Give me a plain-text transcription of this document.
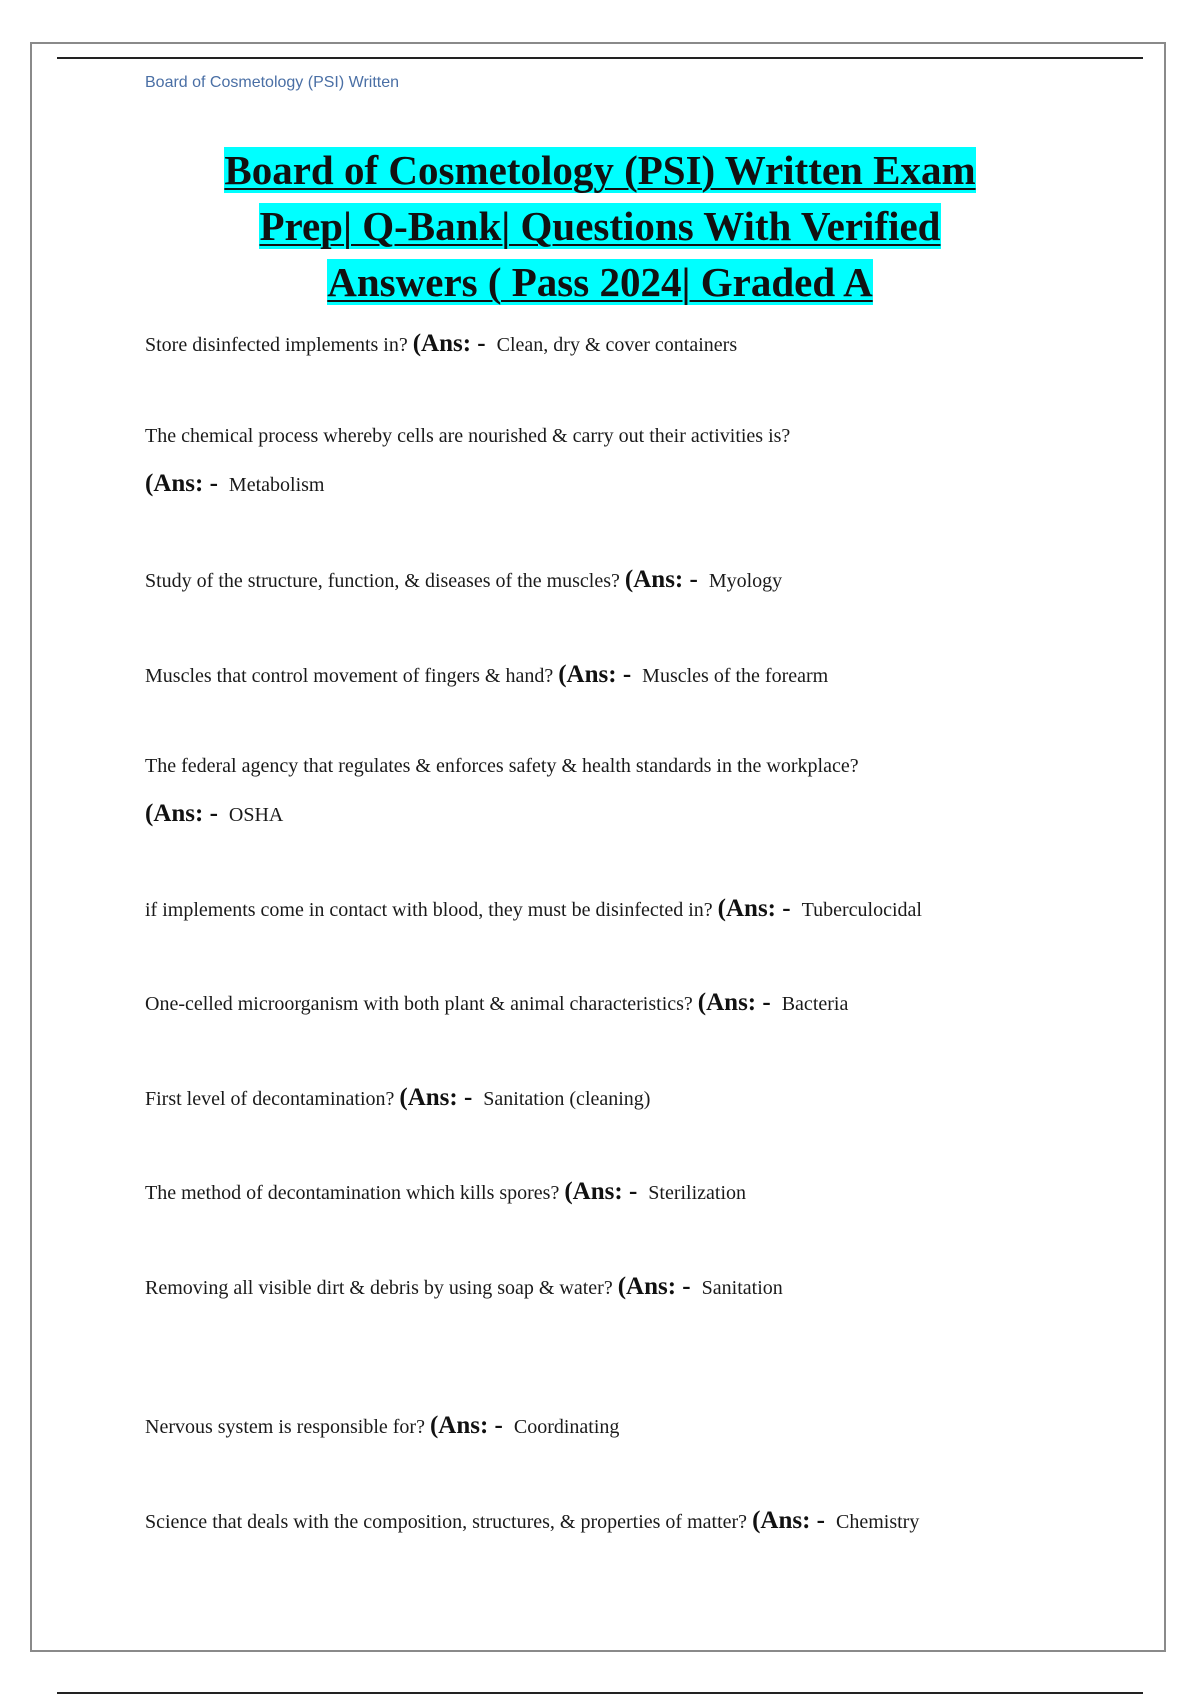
Board of Cosmetology (PSI) Written
Board of Cosmetology (PSI) Written Exam
Prep| Q-Bank| Questions With Verified
Answers ( Pass 2024| Graded A
Store disinfected implements in? (Ans: - Clean, dry & cover containers
The chemical process whereby cells are nourished & carry out their activities is?
(Ans: - Metabolism
Study of the structure, function, & diseases of the muscles? (Ans: - Myology
Muscles that control movement of fingers & hand? (Ans: - Muscles of the forearm
The federal agency that regulates & enforces safety & health standards in the workplace?
(Ans: - OSHA
if implements come in contact with blood, they must be disinfected in? (Ans: - Tuberculocidal
One-celled microorganism with both plant & animal characteristics? (Ans: - Bacteria
First level of decontamination? (Ans: - Sanitation (cleaning)
The method of decontamination which kills spores? (Ans: - Sterilization
Removing all visible dirt & debris by using soap & water? (Ans: - Sanitation
Nervous system is responsible for? (Ans: - Coordinating
Science that deals with the composition, structures, & properties of matter? (Ans: - Chemistry
